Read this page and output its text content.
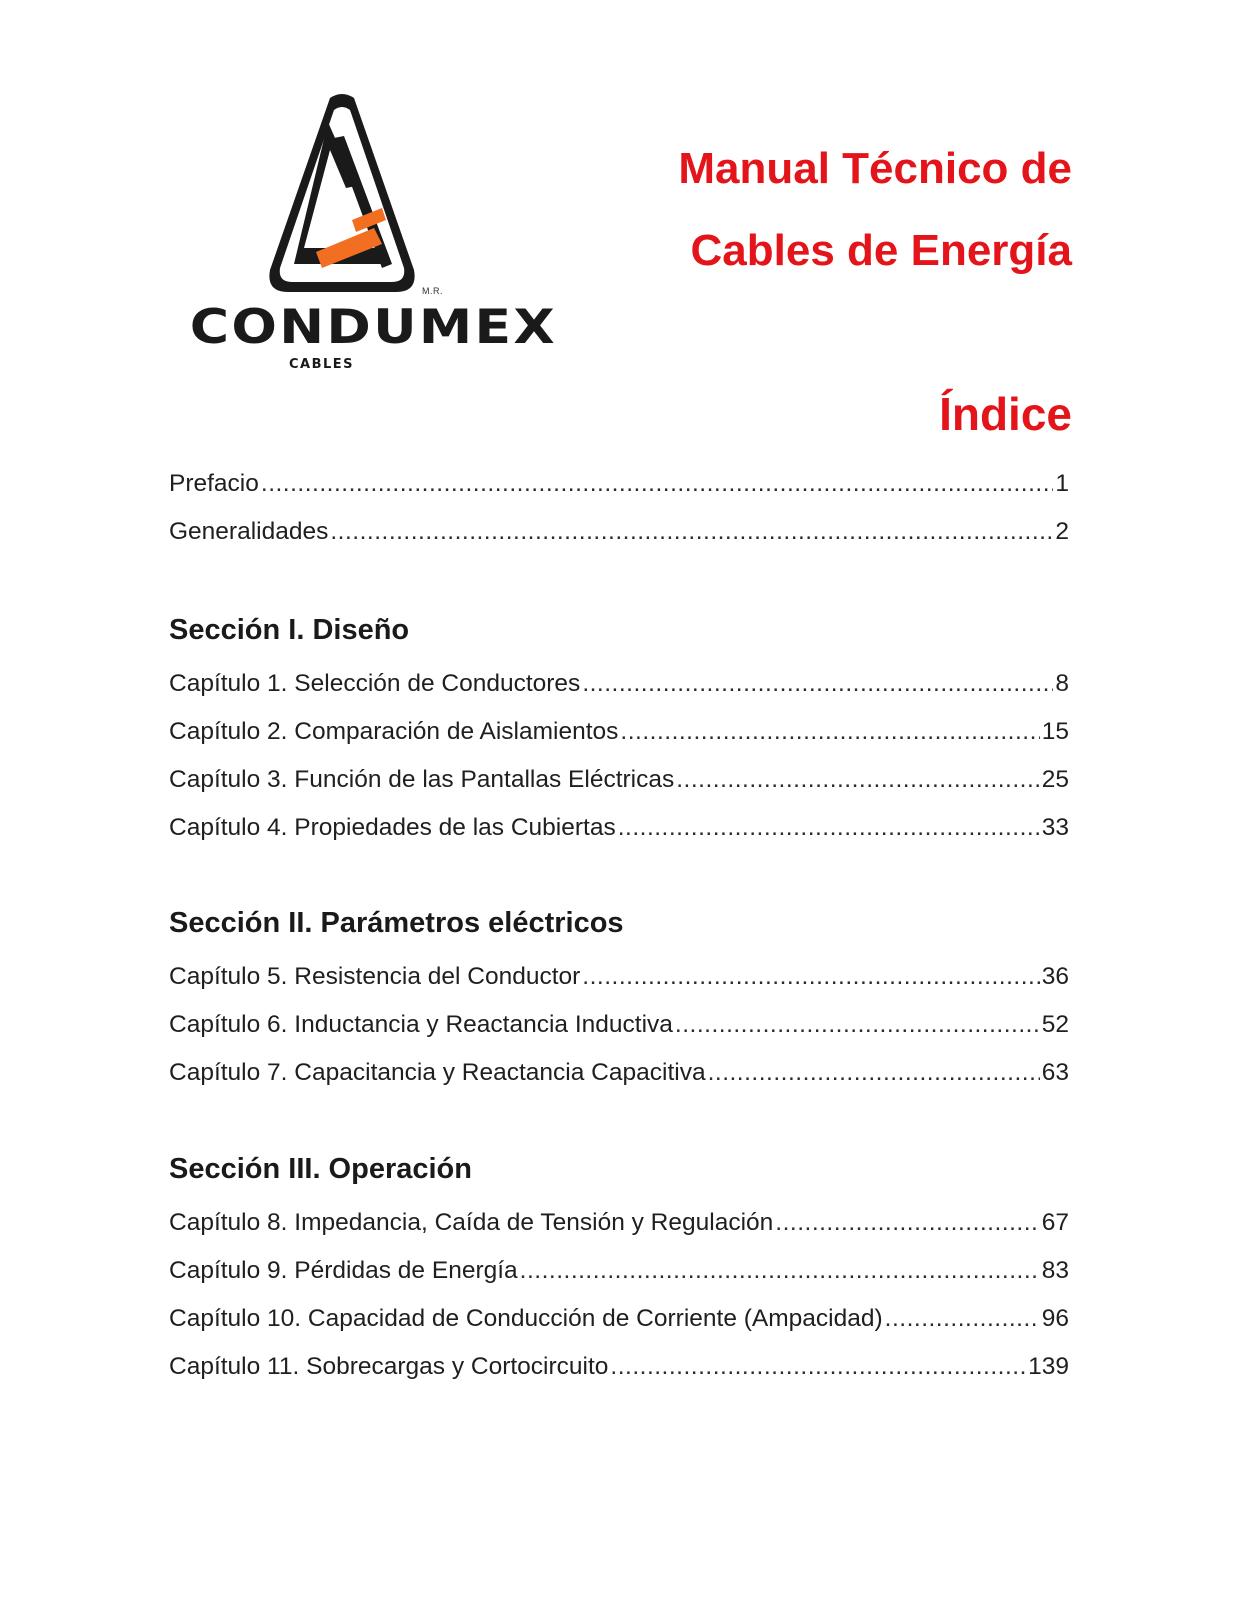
M.R.
CONDUMEX
CABLES
Manual Técnico de
Cables de Energía
Índice
Prefacio .....	1
Generalidades .....	2
Sección I. Diseño
Capítulo 1. Selección de Conductores .....	8
Capítulo 2. Comparación de Aislamientos .....	15
Capítulo 3. Función de las Pantallas Eléctricas .....	25
Capítulo 4. Propiedades de las Cubiertas .....	33
Sección II. Parámetros eléctricos
Capítulo 5. Resistencia del Conductor .....	36
Capítulo 6. Inductancia y Reactancia Inductiva .....	52
Capítulo 7. Capacitancia y Reactancia Capacitiva .....	63
Sección III. Operación
Capítulo 8. Impedancia, Caída de Tensión y Regulación .....	67
Capítulo 9. Pérdidas de Energía .....	83
Capítulo 10. Capacidad de Conducción de Corriente (Ampacidad) .....	96
Capítulo 11. Sobrecargas y Cortocircuito .....	139
